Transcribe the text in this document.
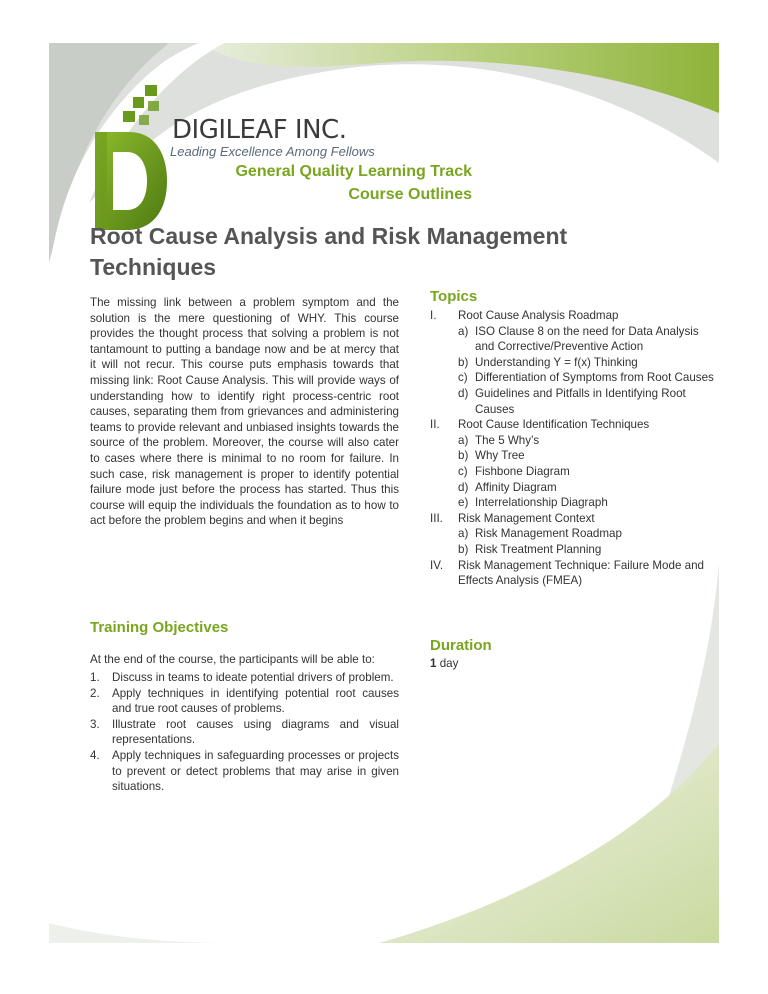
DIGILEAF INC.
Leading Excellence Among Fellows
General Quality Learning Track
Course Outlines
Root Cause Analysis and Risk Management Techniques
The missing link between a problem symptom and the solution is the mere questioning of WHY. This course provides the thought process that solving a problem is not tantamount to putting a bandage now and be at mercy that it will not recur. This course puts emphasis towards that missing link: Root Cause Analysis. This will provide ways of understanding how to identify right process-centric root causes, separating them from grievances and administering teams to provide relevant and unbiased insights towards the source of the problem. Moreover, the course will also cater to cases where there is minimal to no room for failure. In such case, risk management is proper to identify potential failure mode just before the process has started. Thus this course will equip the individuals the foundation as to how to act before the problem begins and when it begins
Training Objectives
At the end of the course, the participants will be able to:
1. Discuss in teams to ideate potential drivers of problem.
2. Apply techniques in identifying potential root causes and true root causes of problems.
3. Illustrate root causes using diagrams and visual representations.
4. Apply techniques in safeguarding processes or projects to prevent or detect problems that may arise in given situations.
Topics
I. Root Cause Analysis Roadmap
a) ISO Clause 8 on the need for Data Analysis and Corrective/Preventive Action
b) Understanding Y = f(x) Thinking
c) Differentiation of Symptoms from Root Causes
d) Guidelines and Pitfalls in Identifying Root Causes
II. Root Cause Identification Techniques
a) The 5 Why’s
b) Why Tree
c) Fishbone Diagram
d) Affinity Diagram
e) Interrelationship Diagraph
III. Risk Management Context
a) Risk Management Roadmap
b) Risk Treatment Planning
IV. Risk Management Technique: Failure Mode and Effects Analysis (FMEA)
Duration
1 day
